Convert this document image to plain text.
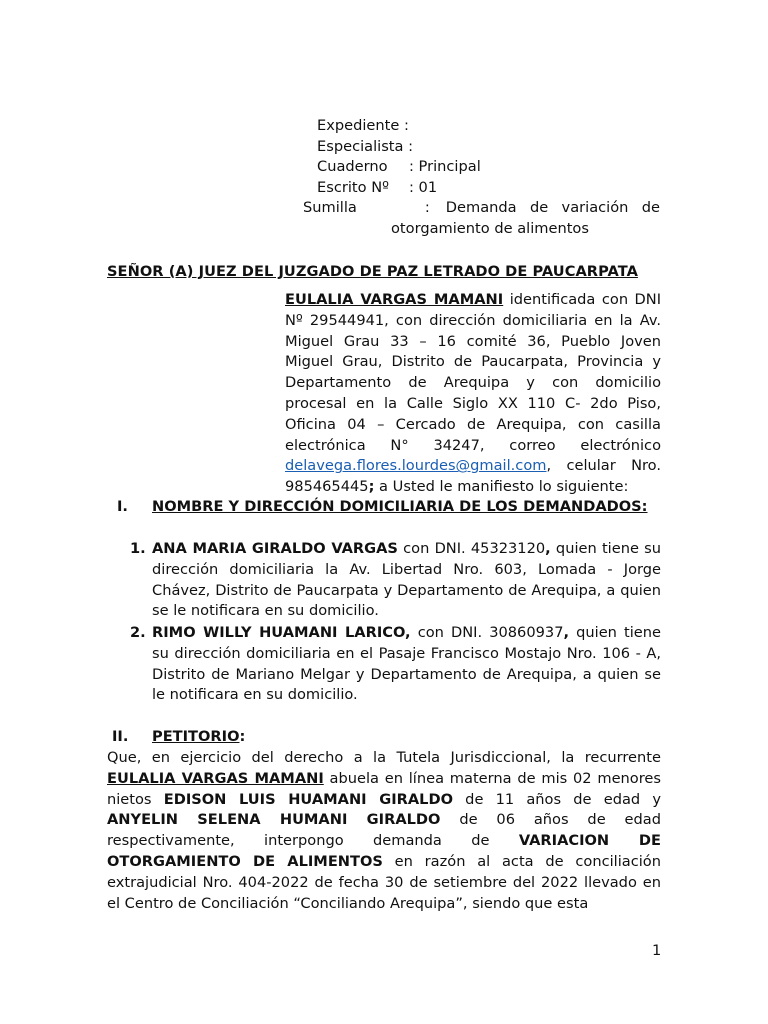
Expediente :
Especialista :
Cuaderno : Principal
Escrito Nº : 01
Sumilla	:	Demanda de variación de
otorgamiento de alimentos
SEÑOR (A) JUEZ DEL JUZGADO DE PAZ LETRADO DE PAUCARPATA
EULALIA VARGAS MAMANI identificada con DNI Nº 29544941, con dirección domiciliaria en la Av. Miguel Grau 33 – 16 comité 36, Pueblo Joven Miguel Grau, Distrito de Paucarpata, Provincia y Departamento de Arequipa y con domicilio procesal en la Calle Siglo XX 110 C- 2do Piso, Oficina 04 – Cercado de Arequipa, con casilla electrónica N° 34247, correo electrónico delavega.flores.lourdes@gmail.com, celular Nro. 985465445; a Usted le manifiesto lo siguiente:
I. NOMBRE Y DIRECCIÓN DOMICILIARIA DE LOS DEMANDADOS:
1. ANA MARIA GIRALDO VARGAS con DNI. 45323120, quien tiene su dirección domiciliaria la Av. Libertad Nro. 603, Lomada - Jorge Chávez, Distrito de Paucarpata y Departamento de Arequipa, a quien se le notificara en su domicilio.
2. RIMO WILLY HUAMANI LARICO, con DNI. 30860937, quien tiene su dirección domiciliaria en el Pasaje Francisco Mostajo Nro. 106 - A, Distrito de Mariano Melgar y Departamento de Arequipa, a quien se le notificara en su domicilio.
II. PETITORIO:
Que, en ejercicio del derecho a la Tutela Jurisdiccional, la recurrente EULALIA VARGAS MAMANI abuela en línea materna de mis 02 menores nietos EDISON LUIS HUAMANI GIRALDO de 11 años de edad y ANYELIN SELENA HUMANI GIRALDO de 06 años de edad respectivamente, interpongo demanda de VARIACION DE OTORGAMIENTO DE ALIMENTOS en razón al acta de conciliación extrajudicial Nro. 404-2022 de fecha 30 de setiembre del 2022 llevado en el Centro de Conciliación “Conciliando Arequipa”, siendo que esta
1
